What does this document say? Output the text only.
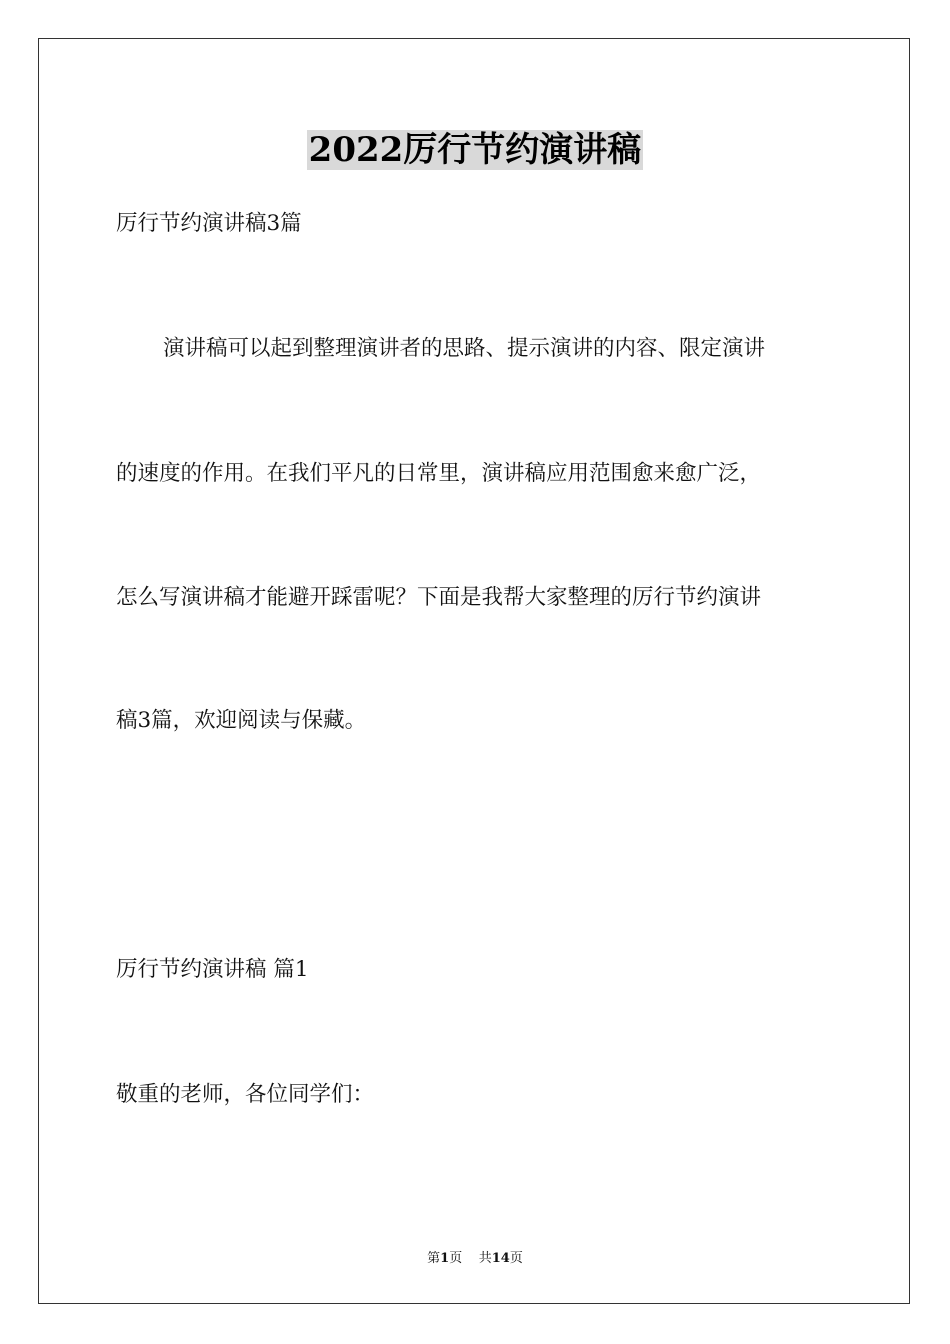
2022厉行节约演讲稿
厉行节约演讲稿3篇
演讲稿可以起到整理演讲者的思路、提示演讲的内容、限定演讲
的速度的作用。在我们平凡的日常里，演讲稿应用范围愈来愈广泛，
怎么写演讲稿才能避开踩雷呢？下面是我帮大家整理的厉行节约演讲
稿3篇，欢迎阅读与保藏。
厉行节约演讲稿 篇1
敬重的老师，各位同学们：
第1页 共14页
